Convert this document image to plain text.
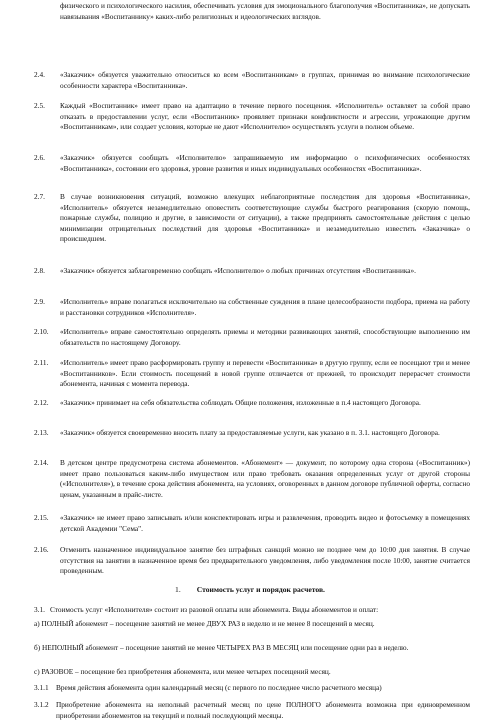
физического и психологического насилия, обеспечивать условия для эмоционального благополучия «Воспитанника», не допускать навязывания «Воспитаннику» каких-либо религиозных и идеологических взглядов.
2.4. «Заказчик» обязуется уважительно относиться ко всем «Воспитанникам» в группах, принимая во внимание психологические особенности характера «Воспитанника».
2.5. Каждый «Воспитанник» имеет право на адаптацию в течение первого посещения. «Исполнитель» оставляет за собой право отказать в предоставлении услуг, если «Воспитанник» проявляет признаки конфликтности и агрессии, угрожающие другим «Воспитанникам», или создает условия, которые не дают «Исполнителю» осуществлять услуги в полном объеме.
2.6. «Заказчик» обязуется сообщать «Исполнителю» запрашиваемую им информацию о психофизических особенностях «Воспитанника», состоянии его здоровья, уровне развития и иных индивидуальных особенностях «Воспитанника».
2.7. В случае возникновения ситуаций, возможно влекущих неблагоприятные последствия для здоровья «Воспитанника», «Исполнитель» обязуется незамедлительно оповестить соответствующие службы быстрого реагирования (скорую помощь, пожарные службы, полицию и другие, в зависимости от ситуации), а также предпринять самостоятельные действия с целью минимизации отрицательных последствий для здоровья «Воспитанника» и незамедлительно известить «Заказчика» о происшедшем.
2.8. «Заказчик» обязуется заблаговременно сообщать «Исполнителю» о любых причинах отсутствия «Воспитанника».
2.9. «Исполнитель» вправе полагаться исключительно на собственные суждения в плане целесообразности подбора, приема на работу и расстановки сотрудников «Исполнителя».
2.10. «Исполнитель» вправе самостоятельно определять приемы и методики развивающих занятий, способствующие выполнению им обязательств по настоящему Договору.
2.11. «Исполнитель» имеет право расформировать группу и перевести «Воспитанника» в другую группу, если ее посещают три и менее «Воспитанников». Если стоимость посещений в новой группе отличается от прежней, то происходит перерасчет стоимости абонемента, начиная с момента перевода.
2.12. «Заказчик» принимает на себя обязательства соблюдать Общие положения, изложенные в п.4 настоящего Договора.
2.13. «Заказчик» обязуется своевременно вносить плату за предоставляемые услуги, как указано в п. 3.1. настоящего Договора.
2.14. В детском центре предусмотрена система абонементов. «Абонемент» — документ, по которому одна сторона («Воспитанник») имеет право пользоваться каким-либо имуществом или право требовать оказания определенных услуг от другой стороны («Исполнителя»), в течение срока действия абонемента, на условиях, оговоренных в данном договоре публичной оферты, согласно ценам, указанным в прайс-листе.
2.15. «Заказчик» не имеет право записывать и/или конспектировать игры и развлечения, проводить видео и фотосъемку в помещениях детской Академии "Сема".
2.16. Отменить назначенное индивидуальное занятие без штрафных санкций можно не позднее чем до 10:00 дня занятия. В случае отсутствия на занятии в назначенное время без предварительного уведомления, либо уведомления после 10:00, занятие считается проведенным.
1. Стоимость услуг и порядок расчетов.
3.1. Стоимость услуг «Исполнителя» состоит из разовой оплаты или абонемента. Виды абонементов и оплат:
а) ПОЛНЫЙ абонемент – посещение занятий не менее ДВУХ РАЗ в неделю и не менее 8 посещений в месяц.
б) НЕПОЛНЫЙ абонемент – посещение занятий не менее ЧЕТЫРЕХ РАЗ В МЕСЯЦ или посещение одни раз в неделю.
с) РАЗОВОЕ – посещение без приобретения абонемента, или менее четырех посещений месяц.
3.1.1 Время действия абонемента один календарный месяц (с первого по последнее число расчетного месяца)
3.1.2 Приобретение абонемента на неполный расчетный месяц по цене ПОЛНОГО абонемента возможна при единовременном приобретении абонементов на текущий и полный последующий месяцы.
